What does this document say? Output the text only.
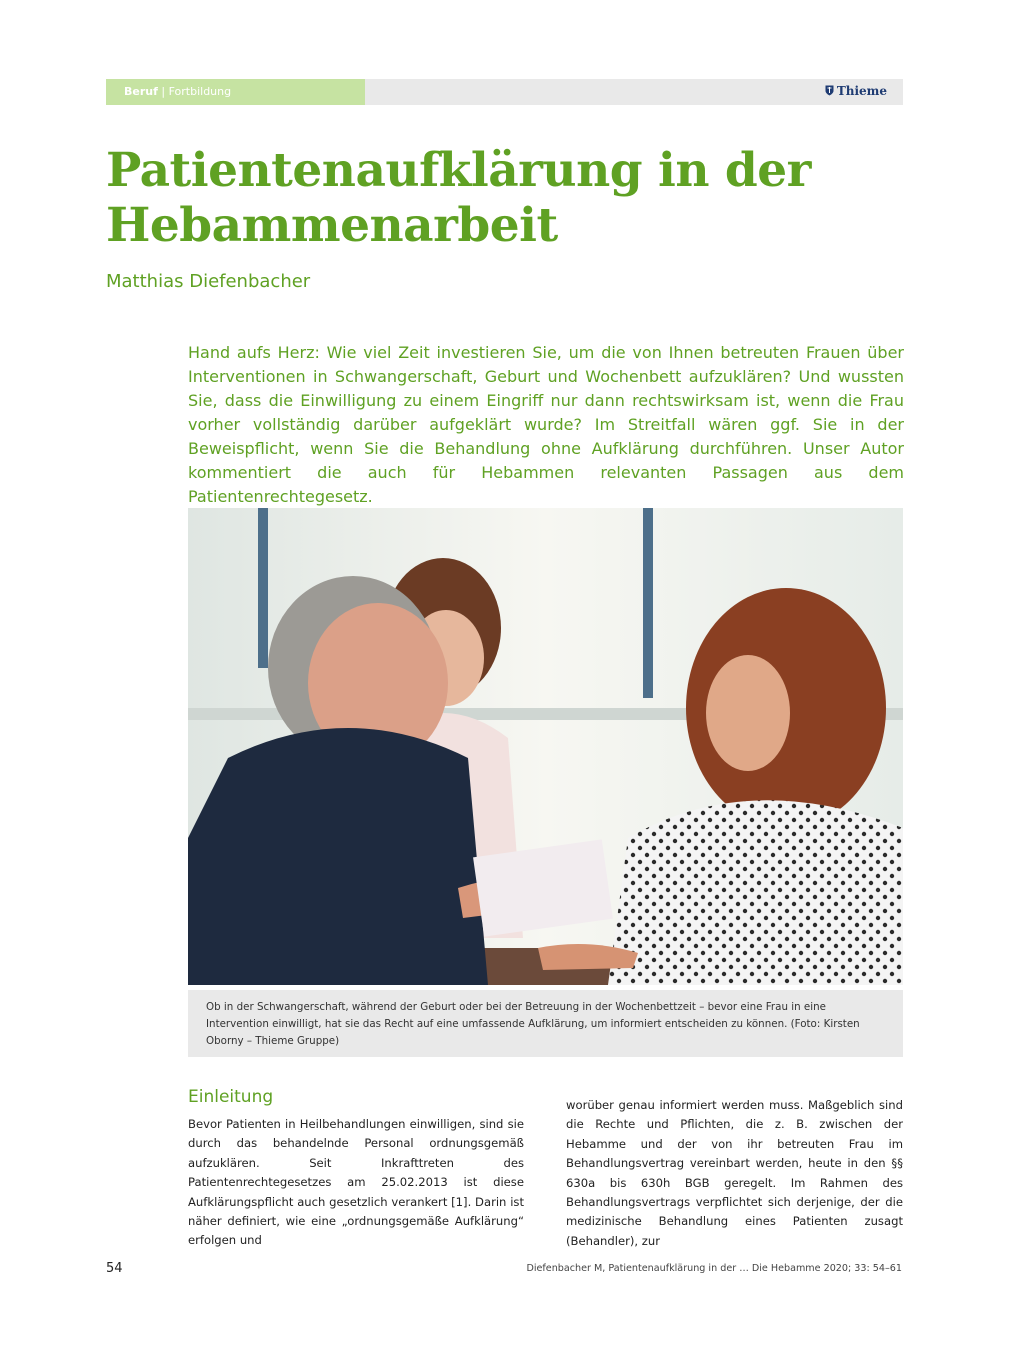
Beruf | Fortbildung	Thieme
Patientenaufklärung in der
Hebammenarbeit
Matthias Diefenbacher
Hand aufs Herz: Wie viel Zeit investieren Sie, um die von Ihnen betreuten Frauen über Interventionen in Schwangerschaft, Geburt und Wochenbett aufzuklären? Und wussten Sie, dass die Einwilligung zu einem Eingriff nur dann rechtswirksam ist, wenn die Frau vorher vollständig darüber aufgeklärt wurde? Im Streitfall wären ggf. Sie in der Beweispflicht, wenn Sie die Behandlung ohne Aufklärung durchführen. Unser Autor kommentiert die auch für Hebammen relevanten Passagen aus dem Patientenrechtegesetz.
Ob in der Schwangerschaft, während der Geburt oder bei der Betreuung in der Wochenbettzeit – bevor eine Frau in eine Intervention einwilligt, hat sie das Recht auf eine umfassende Aufklärung, um informiert entscheiden zu können. (Foto: Kirsten Oborny – Thieme Gruppe)
Einleitung
Bevor Patienten in Heilbehandlungen einwilligen, sind sie durch das behandelnde Personal ordnungsgemäß aufzuklären. Seit Inkrafttreten des Patientenrechtegesetzes am 25.02.2013 ist diese Aufklärungspflicht auch gesetzlich verankert [1]. Darin ist näher definiert, wie eine „ordnungsgemäße Aufklärung“ erfolgen und
worüber genau informiert werden muss. Maßgeblich sind die Rechte und Pflichten, die z. B. zwischen der Hebamme und der von ihr betreuten Frau im Behandlungsvertrag vereinbart werden, heute in den §§ 630a bis 630h BGB geregelt. Im Rahmen des Behandlungsvertrags verpflichtet sich derjenige, der die medizinische Behandlung eines Patienten zusagt (Behandler), zur
54	Diefenbacher M, Patientenaufklärung in der … Die Hebamme 2020; 33: 54–61
